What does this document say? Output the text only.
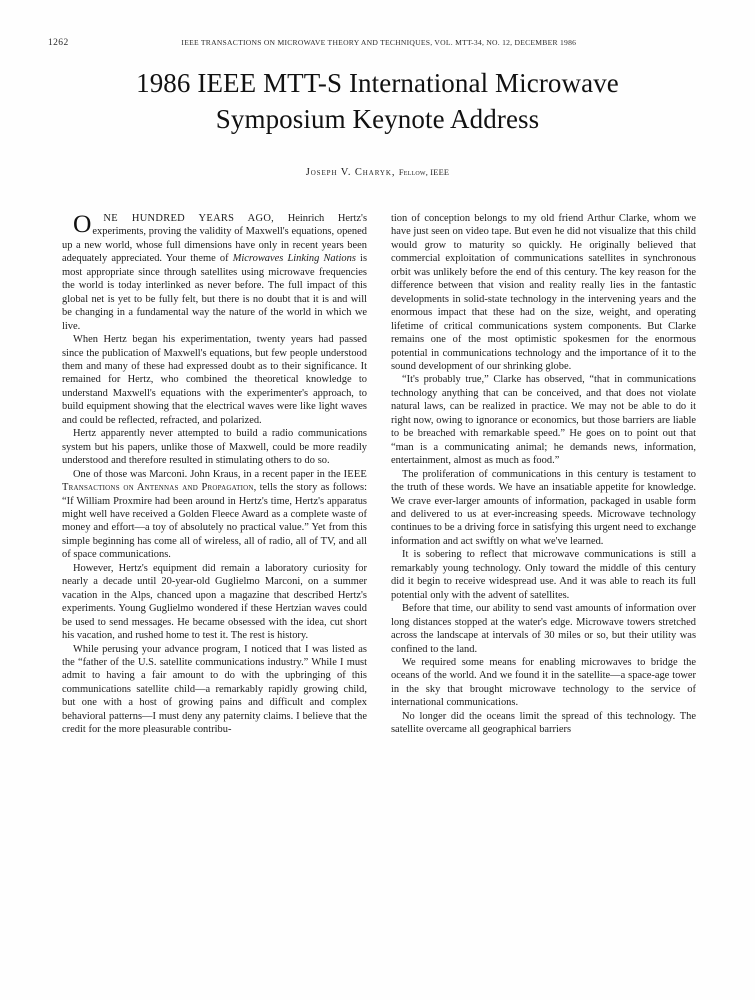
1262	IEEE TRANSACTIONS ON MICROWAVE THEORY AND TECHNIQUES, VOL. MTT-34, NO. 12, DECEMBER 1986
1986 IEEE MTT-S International Microwave
Symposium Keynote Address
Joseph V. Charyk, Fellow, IEEE

O NE HUNDRED YEARS AGO, Heinrich Hertz's experiments, proving the validity of Maxwell's equations, opened up a new world, whose full dimensions have only in recent years been adequately appreciated. Your theme of Microwaves Linking Nations is most appropriate since through satellites using microwave frequencies the world is today interlinked as never before. The full impact of this global net is yet to be fully felt, but there is no doubt that it is and will be changing in a fundamental way the nature of the world in which we live.

When Hertz began his experimentation, twenty years had passed since the publication of Maxwell's equations, but few people understood them and many of these had expressed doubt as to their significance. It remained for Hertz, who combined the theoretical knowledge to understand Maxwell's equations with the experimenter's approach, to build equipment showing that the electrical waves were like light waves and could be reflected, refracted, and polarized.

Hertz apparently never attempted to build a radio communications system but his papers, unlike those of Maxwell, could be more readily understood and therefore resulted in stimulating others to do so.

One of those was Marconi. John Kraus, in a recent paper in the IEEE Transactions on Antennas and Propagation, tells the story as follows: “If William Proxmire had been around in Hertz's time, Hertz's apparatus might well have received a Golden Fleece Award as a complete waste of money and effort—a toy of absolutely no practical value.” Yet from this simple beginning has come all of wireless, all of radio, all of TV, and all of space communications.

However, Hertz's equipment did remain a laboratory curiosity for nearly a decade until 20-year-old Guglielmo Marconi, on a summer vacation in the Alps, chanced upon a magazine that described Hertz's experiments. Young Guglielmo wondered if these Hertzian waves could be used to send messages. He became obsessed with the idea, cut short his vacation, and rushed home to test it. The rest is history.

While perusing your advance program, I noticed that I was listed as the “father of the U.S. satellite communications industry.” While I must admit to having a fair amount to do with the upbringing of this communications satellite child—a remarkably rapidly growing child, but one with a host of growing pains and difficult and complex behavioral patterns—I must deny any paternity claims. I believe that the credit for the more pleasurable contribu-

tion of conception belongs to my old friend Arthur Clarke, whom we have just seen on video tape. But even he did not visualize that this child would grow to maturity so quickly. He originally believed that commercial exploitation of communications satellites in synchronous orbit was unlikely before the end of this century. The key reason for the difference between that vision and reality really lies in the fantastic developments in solid-state technology in the intervening years and the enormous impact that these had on the size, weight, and operating lifetime of critical communications system components. But Clarke remains one of the most optimistic spokesmen for the enormous potential in communications technology and the importance of it to the sound development of our shrinking globe.

“It's probably true,” Clarke has observed, “that in communications technology anything that can be conceived, and that does not violate natural laws, can be realized in practice. We may not be able to do it right now, owing to ignorance or economics, but those barriers are liable to be breached with remarkable speed.” He goes on to point out that “man is a communicating animal; he demands news, information, entertainment, almost as much as food.”

The proliferation of communications in this century is testament to the truth of these words. We have an insatiable appetite for knowledge. We crave ever-larger amounts of information, packaged in usable form and delivered to us at ever-increasing speeds. Microwave technology continues to be a driving force in satisfying this urgent need to exchange information and act swiftly on what we've learned.

It is sobering to reflect that microwave communications is still a remarkably young technology. Only toward the middle of this century did it begin to receive widespread use. And it was able to reach its full potential only with the advent of satellites.

Before that time, our ability to send vast amounts of information over long distances stopped at the water's edge. Microwave towers stretched across the landscape at intervals of 30 miles or so, but their utility was confined to the land.

We required some means for enabling microwaves to bridge the oceans of the world. And we found it in the satellite—a space-age tower in the sky that brought microwave technology to the service of international communications.

No longer did the oceans limit the spread of this technology. The satellite overcame all geographical barriers
